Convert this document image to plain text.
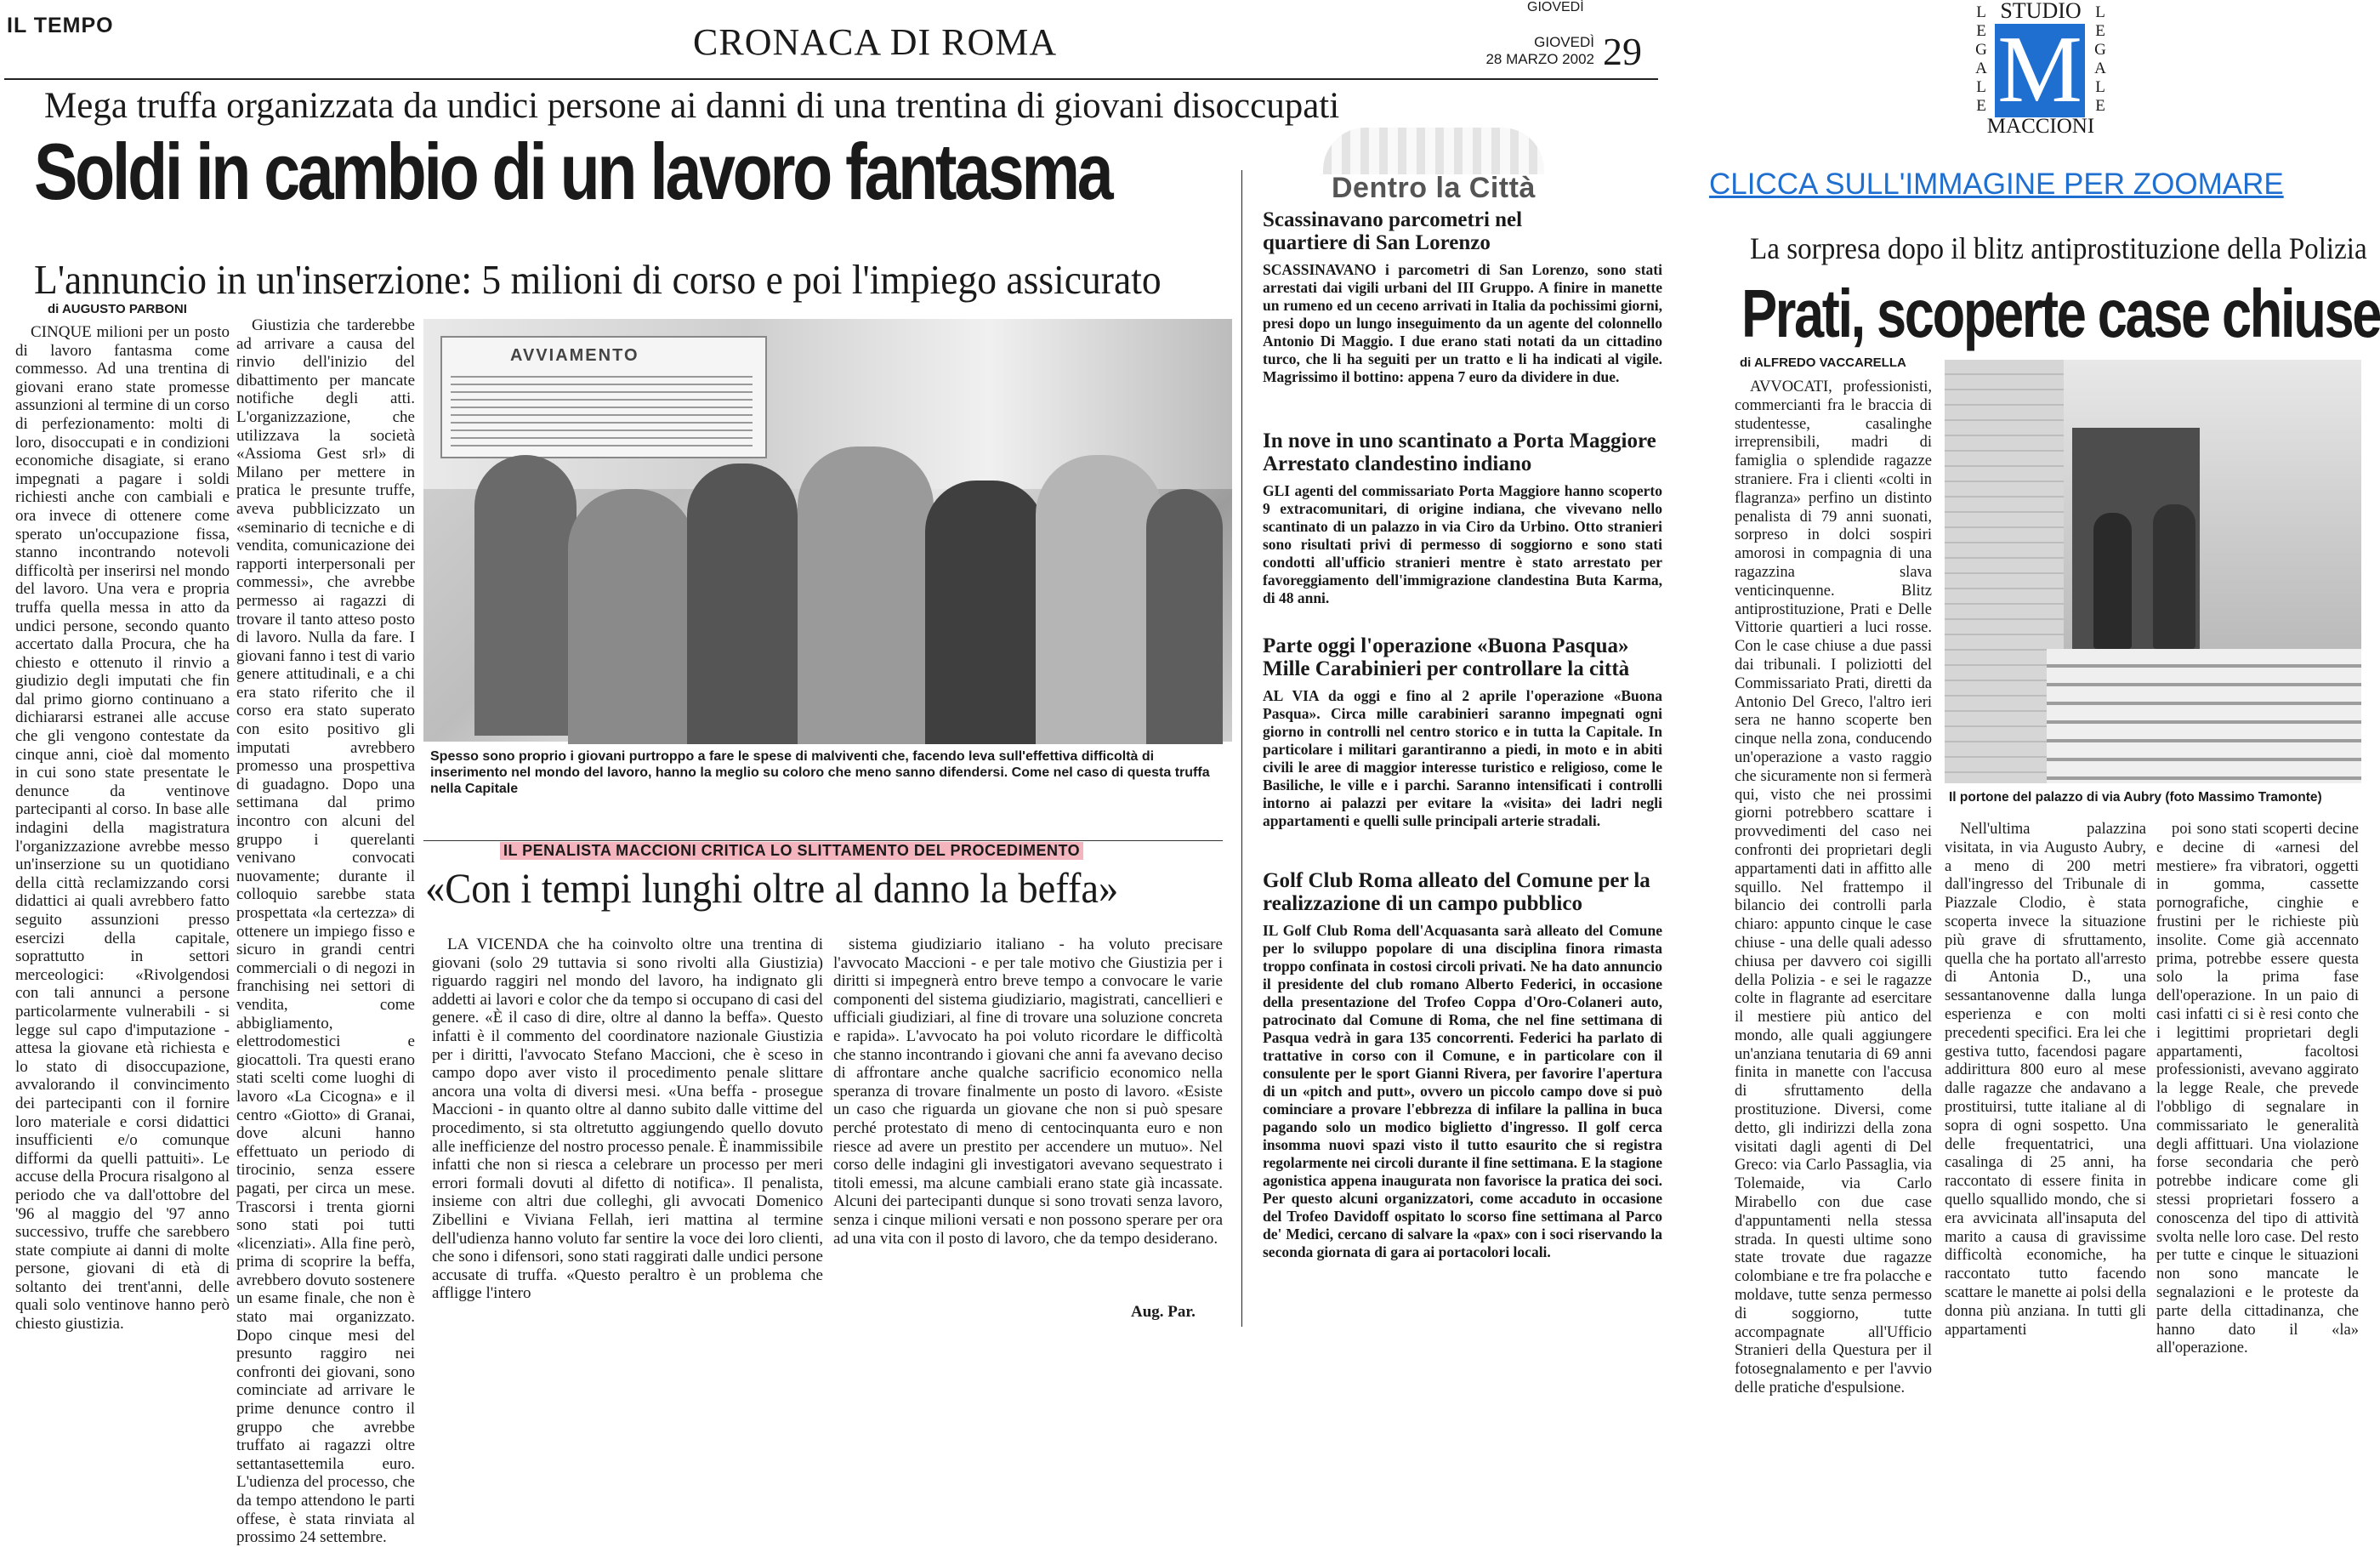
IL TEMPO	CRONACA DI ROMA
GIOVEDÌ
GIOVEDÌ
28 MARZO 2002 29
Mega truffa organizzata da undici persone ai danni di una trentina di giovani disoccupati
Soldi in cambio di un lavoro fantasma
L'annuncio in un'inserzione: 5 milioni di corso e poi l'impiego assicurato
di AUGUSTO PARBONI

CINQUE milioni per un posto di lavoro fantasma come commesso. Ad una trentina di giovani erano state promesse assunzioni al termine di un corso di perfezionamento: molti di loro, disoccupati e in condizioni economiche disagiate, si erano impegnati a pagare i soldi richiesti anche con cambiali e ora invece di ottenere come sperato un'occupazione fissa, stanno incontrando notevoli difficoltà per inserirsi nel mondo del lavoro. Una vera e propria truffa quella messa in atto da undici persone, secondo quanto accertato dalla Procura, che ha chiesto e ottenuto il rinvio a giudizio degli imputati che fin dal primo giorno continuano a dichiararsi estranei alle accuse che gli vengono contestate da cinque anni, cioè dal momento in cui sono state presentate le denunce da ventinove partecipanti al corso. In base alle indagini della magistratura l'organizzazione avrebbe messo un'inserzione su un quotidiano della città reclamizzando corsi didattici ai quali avrebbero fatto seguito assunzioni presso esercizi della capitale, soprattutto in settori merceologici: «Rivolgendosi con tali annunci a persone particolarmente vulnerabili - si legge sul capo d'imputazione - attesa la giovane età richiesta e lo stato di disoccupazione, avvalorando il convincimento dei partecipanti con il fornire loro materiale e corsi didattici insufficienti e/o comunque difformi da quelli pattuiti». Le accuse della Procura risalgono al periodo che va dall'ottobre del '96 al maggio del '97 anno successivo, truffe che sarebbero state compiute ai danni di molte persone, giovani di età di soltanto dei trent'anni, delle quali solo ventinove hanno però chiesto giustizia.

Giustizia che tarderebbe ad arrivare a causa del rinvio dell'inizio del dibattimento per mancate notifiche degli atti. L'organizzazione, che utilizzava la società «Assioma Gest srl» di Milano per mettere in pratica le presunte truffe, aveva pubblicizzato un «seminario di tecniche e di vendita, comunicazione dei rapporti interpersonali per commessi», che avrebbe permesso ai ragazzi di trovare il tanto atteso posto di lavoro. Nulla da fare. I giovani fanno i test di vario genere attitudinali, e a chi era stato riferito che il corso era stato superato con esito positivo gli imputati avrebbero promesso una prospettiva di guadagno. Dopo una settimana dal primo incontro con alcuni del gruppo i querelanti venivano convocati nuovamente; durante il colloquio sarebbe stata prospettata «la certezza» di ottenere un impiego fisso e sicuro in grandi centri commerciali o di negozi in franchising nei settori di vendita, come abbigliamento, elettrodomestici e giocattoli. Tra questi erano stati scelti come luoghi di lavoro «La Cicogna» e il centro «Giotto» di Granai, dove alcuni hanno effettuato un periodo di tirocinio, senza essere pagati, per circa un mese. Trascorsi i trenta giorni sono stati poi tutti «licenziati». Alla fine però, prima di scoprire la beffa, avrebbero dovuto sostenere un esame finale, che non è stato mai organizzato. Dopo cinque mesi del presunto raggiro nei confronti dei giovani, sono cominciate ad arrivare le prime denunce contro il gruppo che avrebbe truffato ai ragazzi oltre settantasettemila euro. L'udienza del processo, che da tempo attendono le parti offese, è stata rinviata al prossimo 24 settembre.

AVVIAMENTO
Spesso sono proprio i giovani purtroppo a fare le spese di malviventi che, facendo leva sull'effettiva difficoltà di inserimento nel mondo del lavoro, hanno la meglio su coloro che meno sanno difendersi. Come nel caso di questa truffa nella Capitale
IL PENALISTA MACCIONI CRITICA LO SLITTAMENTO DEL PROCEDIMENTO
«Con i tempi lunghi oltre al danno la beffa»

LA VICENDA che ha coinvolto oltre una trentina di giovani (solo 29 tuttavia si sono rivolti alla Giustizia) riguardo raggiri nel mondo del lavoro, ha indignato gli addetti ai lavori e color che da tempo si occupano di casi del genere. «È il caso di dire, oltre al danno la beffa». Questo infatti è il commento del coordinatore nazionale Giustizia per i diritti, l'avvocato Stefano Maccioni, che è sceso in campo dopo aver visto il procedimento penale slittare ancora una volta di diversi mesi. «Una beffa - prosegue Maccioni - in quanto oltre al danno subito dalle vittime del procedimento, si sta oltretutto aggiungendo quello dovuto alle inefficienze del nostro processo penale. È inammissibile infatti che non si riesca a celebrare un processo per meri errori formali dovuti al difetto di notifica». Il penalista, insieme con altri due colleghi, gli avvocati Domenico Zibellini e Viviana Fellah, ieri mattina al termine dell'udienza hanno voluto far sentire la voce dei loro clienti, che sono i difensori, sono stati raggirati dalle undici persone accusate di truffa. «Questo peraltro è un problema che affligge l'intero

sistema giudiziario italiano - ha voluto precisare l'avvocato Maccioni - e per tale motivo che Giustizia per i diritti si impegnerà entro breve tempo a convocare le varie componenti del sistema giudiziario, magistrati, cancellieri e ufficiali giudiziari, al fine di trovare una soluzione concreta e rapida». L'avvocato ha poi voluto ricordare le difficoltà che stanno incontrando i giovani che anni fa avevano deciso di affrontare anche qualche sacrificio economico nella speranza di trovare finalmente un posto di lavoro. «Esiste un caso che riguarda un giovane che non si può spesare perché protestato di meno di centocinquanta euro e non riesce ad avere un prestito per accendere un mutuo». Nel corso delle indagini gli investigatori avevano sequestrato i titoli emessi, ma alcune cambiali erano state già incassate. Alcuni dei partecipanti dunque si sono trovati senza lavoro, senza i cinque milioni versati e non possono sperare per ora ad una vita con il posto di lavoro, che da tempo desiderano.

Aug. Par.
Dentro la Città
Scassinavano parcometri nel quartiere di San Lorenzo
SCASSINAVANO i parcometri di San Lorenzo, sono stati arrestati dai vigili urbani del III Gruppo. A finire in manette un rumeno ed un ceceno arrivati in Italia da pochissimi giorni, presi dopo un lungo inseguimento da un agente del colonnello Antonio Di Maggio. I due erano stati notati da un cittadino turco, che li ha seguiti per un tratto e li ha indicati al vigile. Magrissimo il bottino: appena 7 euro da dividere in due.
In nove in uno scantinato a Porta Maggiore Arrestato clandestino indiano
GLI agenti del commissariato Porta Maggiore hanno scoperto 9 extracomunitari, di origine indiana, che vivevano nello scantinato di un palazzo in via Ciro da Urbino. Otto stranieri sono risultati privi di permesso di soggiorno e sono stati condotti all'ufficio stranieri mentre è stato arrestato per favoreggiamento dell'immigrazione clandestina Buta Karma, di 48 anni.
Parte oggi l'operazione «Buona Pasqua» Mille Carabinieri per controllare la città
AL VIA da oggi e fino al 2 aprile l'operazione «Buona Pasqua». Circa mille carabinieri saranno impegnati ogni giorno in controlli nel centro storico e in tutta la Capitale. In particolare i militari garantiranno a piedi, in moto e in abiti civili le aree di maggior interesse turistico e religioso, come le Basiliche, le ville e i parchi. Saranno intensificati i controlli intorno ai palazzi per evitare la «visita» dei ladri negli appartamenti e quelli sulle principali arterie stradali.
Golf Club Roma alleato del Comune per la realizzazione di un campo pubblico
IL Golf Club Roma dell'Acquasanta sarà alleato del Comune per lo sviluppo popolare di una disciplina finora rimasta troppo confinata in costosi circoli privati. Ne ha dato annuncio il presidente del club romano Alberto Federici, in occasione della presentazione del Trofeo Coppa d'Oro-Colaneri auto, patrocinato dal Comune di Roma, che nel fine settimana di Pasqua vedrà in gara 135 concorrenti. Federici ha parlato di trattative in corso con il Comune, e in particolare con il consulente per le sport Gianni Rivera, per favorire l'apertura di un «pitch and putt», ovvero un piccolo campo dove si può cominciare a provare l'ebbrezza di infilare la pallina in buca pagando solo un modico biglietto d'ingresso. Il golf cerca insomma nuovi spazi visto il tutto esaurito che si registra regolarmente nei circoli durante il fine settimana. E la stagione agonistica appena inaugurata non favorisce la pratica dei soci. Per questo alcuni organizzatori, come accaduto in occasione del Trofeo Davidoff ospitato lo scorso fine settimana al Parco de' Medici, cercano di salvare la «pax» con i soci riservando la seconda giornata di gara ai portacolori locali.
STUDIO
L
E
G
A
L
E
L
E
G
A
L
E
M
MACCIONI
CLICCA SULL'IMMAGINE PER ZOOMARE
La sorpresa dopo il blitz antiprostituzione della Polizia
Prati, scoperte case chiuse
di ALFREDO VACCARELLA

AVVOCATI, professionisti, commercianti fra le braccia di studentesse, casalinghe irreprensibili, madri di famiglia o splendide ragazze straniere. Fra i clienti «colti in flagranza» perfino un distinto penalista di 79 anni suonati, sorpreso in dolci sospiri amorosi in compagnia di una ragazzina slava venticinquenne. Blitz antiprostituzione, Prati e Delle Vittorie quartieri a luci rosse. Con le case chiuse a due passi dai tribunali. I poliziotti del Commissariato Prati, diretti da Antonio Del Greco, l'altro ieri sera ne hanno scoperte ben cinque nella zona, conducendo un'operazione a vasto raggio che sicuramente non si fermerà qui, visto che nei prossimi giorni potrebbero scattare i provvedimenti del caso nei confronti dei proprietari degli appartamenti dati in affitto alle squillo. Nel frattempo il bilancio dei controlli parla chiaro: appunto cinque le case chiuse - una delle quali adesso chiusa per davvero coi sigilli della Polizia - e sei le ragazze colte in flagrante ad esercitare il mestiere più antico del mondo, alle quali aggiungere un'anziana tenutaria di 69 anni finita in manette con l'accusa di sfruttamento della prostituzione. Diversi, come detto, gli indirizzi della zona visitati dagli agenti di Del Greco: via Carlo Passaglia, via Tolemaide, via Carlo Mirabello con due case d'appuntamenti nella stessa strada. In questi ultime sono state trovate due ragazze colombiane e tre fra polacche e moldave, tutte senza permesso di soggiorno, tutte accompagnate all'Ufficio Stranieri della Questura per il fotosegnalamento e per l'avvio delle pratiche d'espulsione.

Il portone del palazzo di via Aubry (foto Massimo Tramonte)

Nell'ultima palazzina visitata, in via Augusto Aubry, a meno di 200 metri dall'ingresso del Tribunale di Piazzale Clodio, è stata scoperta invece la situazione più grave di sfruttamento, quella che ha portato all'arresto di Antonia D., una sessantanovenne dalla lunga esperienza e con molti precedenti specifici. Era lei che gestiva tutto, facendosi pagare addirittura 800 euro al mese dalle ragazze che andavano a prostituirsi, tutte italiane al di sopra di ogni sospetto. Una delle frequentatrici, una casalinga di 25 anni, ha raccontato di essere finita in quello squallido mondo, che si era avvicinata all'insaputa del marito a causa di gravissime difficoltà economiche, ha raccontato tutto facendo scattare le manette ai polsi della donna più anziana. In tutti gli appartamenti

poi sono stati scoperti decine e decine di «arnesi del mestiere» fra vibratori, oggetti in gomma, cassette pornografiche, cinghie e frustini per le richieste più insolite. Come già accennato prima, potrebbe essere questa solo la prima fase dell'operazione. In un paio di casi infatti ci si è resi conto che i legittimi proprietari degli appartamenti, facoltosi professionisti, avevano aggirato la legge Reale, che prevede l'obbligo di segnalare in commissariato le generalità degli affittuari. Una violazione forse secondaria che però potrebbe indicare come gli stessi proprietari fossero a conoscenza del tipo di attività svolta nelle loro case. Del resto per tutte e cinque le situazioni non sono mancate le segnalazioni e le proteste da parte della cittadinanza, che hanno dato il «la» all'operazione.
